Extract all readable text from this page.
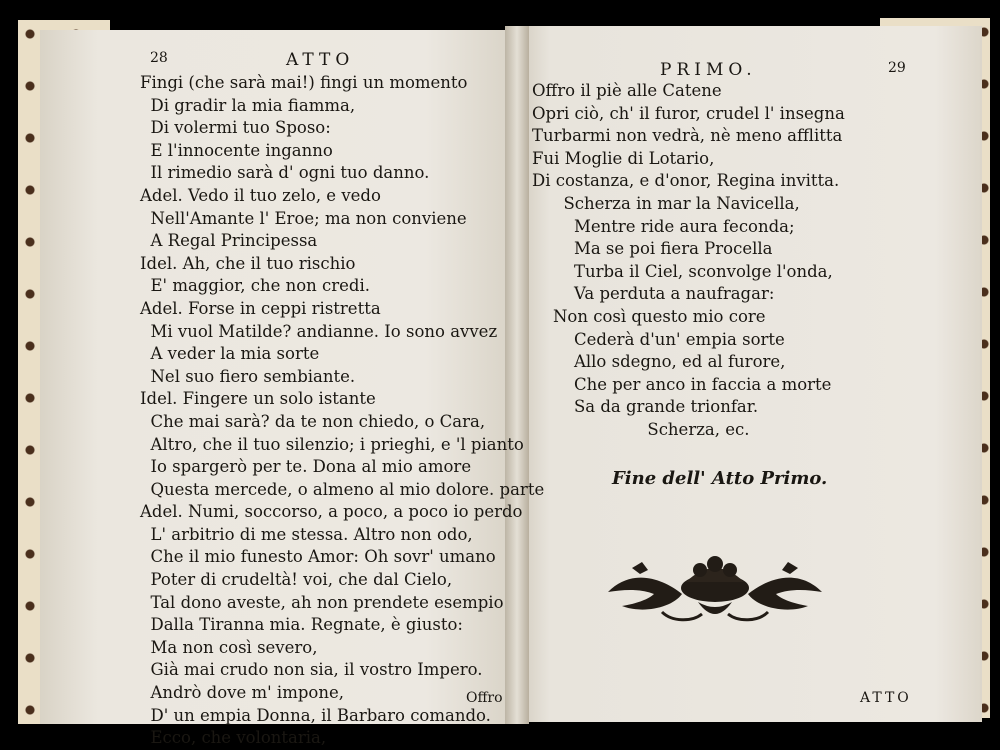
28	ATTO
Fingi (che sarà mai!) fingi un momento
Di gradir la mia fiamma,
Di volermi tuo Sposo:
E l'innocente inganno
Il rimedio sarà d' ogni tuo danno.
Adel. Vedo il tuo zelo, e vedo
Nell'Amante l' Eroe; ma non conviene
A Regal Principessa
Idel. Ah, che il tuo rischio
E' maggior, che non credi.
Adel. Forse in ceppi ristretta
Mi vuol Matilde? andianne. Io sono avvez
A veder la mia sorte
Nel suo fiero sembiante.
Idel. Fingere un solo istante
Che mai sarà? da te non chiedo, o Cara,
Altro, che il tuo silenzio; i prieghi, e 'l pianto
Io spargerò per te. Dona al mio amore
Questa mercede, o almeno al mio dolore. parte
Adel. Numi, soccorso, a poco, a poco io perdo
L' arbitrio di me stessa. Altro non odo,
Che il mio funesto Amor: Oh sovr' umano
Poter di crudeltà! voi, che dal Cielo,
Tal dono aveste, ah non prendete esempio
Dalla Tiranna mia. Regnate, è giusto:
Ma non così severo,
Già mai crudo non sia, il vostro Impero.
Andrò dove m' impone,
D' un empia Donna, il Barbaro comando.
Ecco, che volontaria,
Offro
PRIMO.	29
Offro il piè alle Catene
Opri ciò, ch' il furor, crudel l' insegna
Turbarmi non vedrà, nè meno afflitta
Fui Moglie di Lotario,
Di costanza, e d'onor, Regina invitta.
Scherza in mar la Navicella,
Mentre ride aura feconda;
Ma se poi fiera Procella
Turba il Ciel, sconvolge l'onda,
Va perduta a naufragar:
Non così questo mio core
Cederà d'un' empia sorte
Allo sdegno, ed al furore,
Che per anco in faccia a morte
Sa da grande trionfar.
Scherza, ec.
Fine dell' Atto Primo.
ATTO
